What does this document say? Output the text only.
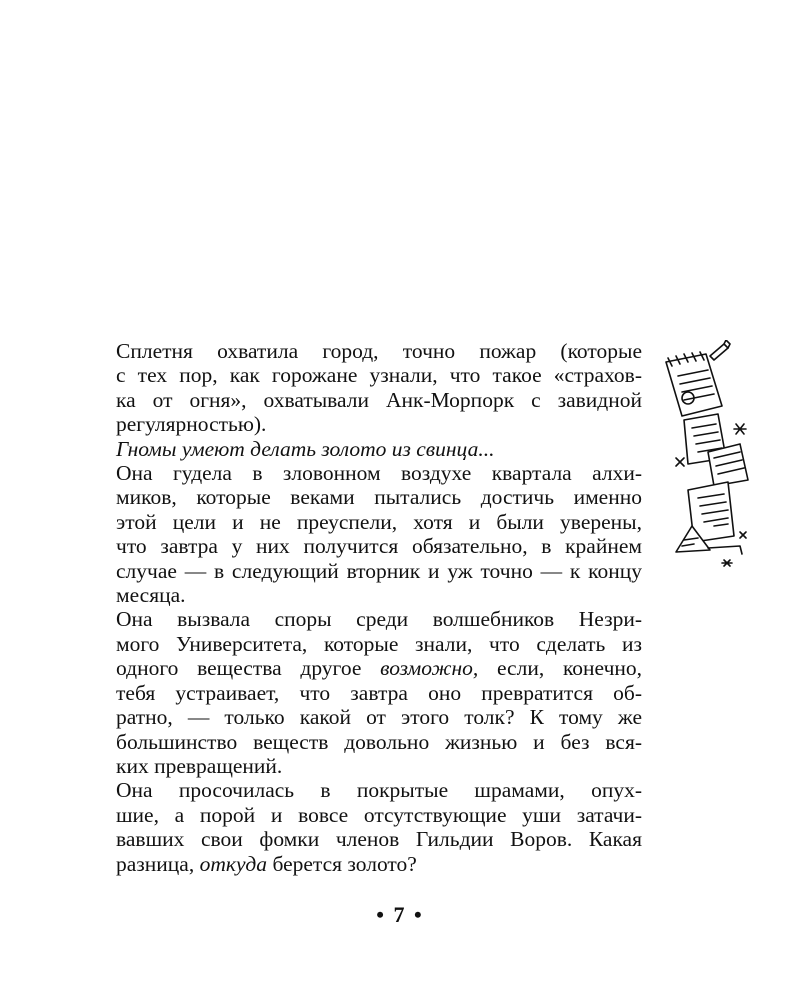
Сплетня охватила город, точно пожар (которые
с тех пор, как горожане узнали, что такое «страхов-
ка от огня», охватывали Анк-Морпорк с завидной
регулярностью).
Гномы умеют делать золото из свинца...
Она гудела в зловонном воздухе квартала алхи-
миков, которые веками пытались достичь именно
этой цели и не преуспели, хотя и были уверены,
что завтра у них получится обязательно, в крайнем
случае — в следующий вторник и уж точно — к концу
месяца.
Она вызвала споры среди волшебников Незри-
мого Университета, которые знали, что сделать из
одного вещества другое возможно, если, конечно,
тебя устраивает, что завтра оно превратится об-
ратно, — только какой от этого толк? К тому же
большинство веществ довольно жизнью и без вся-
ких превращений.
Она просочилась в покрытые шрамами, опух-
шие, а порой и вовсе отсутствующие уши затачи-
вавших свои фомки членов Гильдии Воров. Какая
разница, откуда берется золото?
• 7 •
